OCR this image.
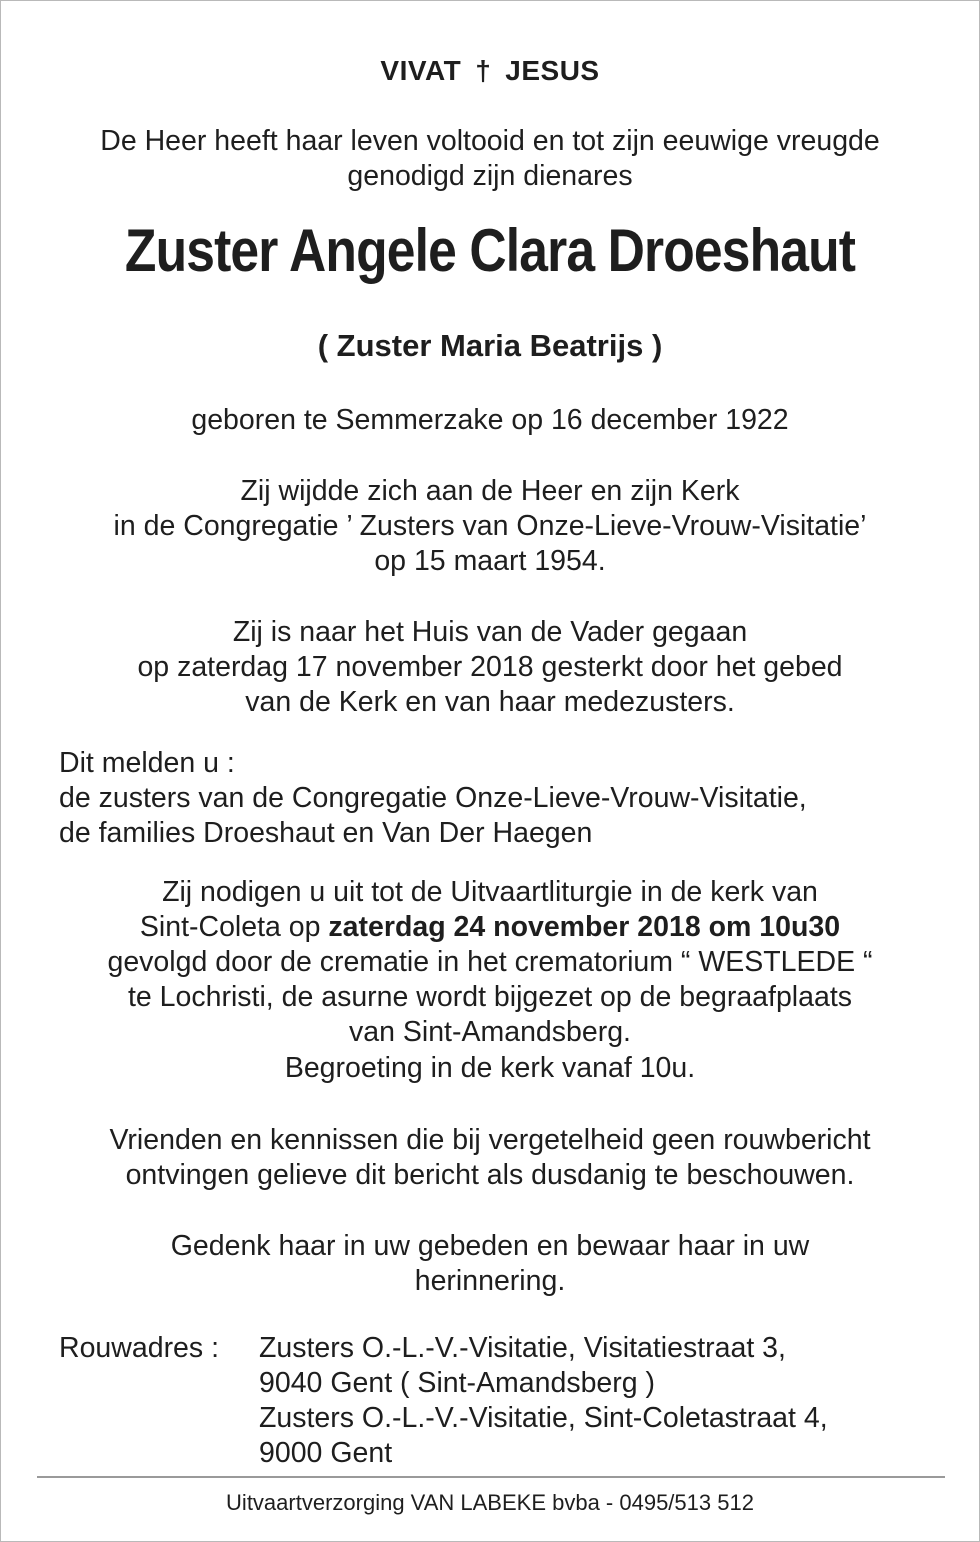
VIVAT † JESUS
De Heer heeft haar leven voltooid en tot zijn eeuwige vreugde
genodigd zijn dienares
Zuster Angele Clara Droeshaut
( Zuster Maria Beatrijs )
geboren te Semmerzake op 16 december 1922
Zij wijdde zich aan de Heer en zijn Kerk
in de Congregatie ’ Zusters van Onze-Lieve-Vrouw-Visitatie’
op 15 maart 1954.
Zij is naar het Huis van de Vader gegaan
op zaterdag 17 november 2018 gesterkt door het gebed
van de Kerk en van haar medezusters.
Dit melden u :
de zusters van de Congregatie Onze-Lieve-Vrouw-Visitatie,
de families Droeshaut en Van Der Haegen
Zij nodigen u uit tot de Uitvaartliturgie in de kerk van
Sint-Coleta op zaterdag 24 november 2018 om 10u30
gevolgd door de crematie in het crematorium “ WESTLEDE “
te Lochristi, de asurne wordt bijgezet op de begraafplaats
van Sint-Amandsberg.
Begroeting in de kerk vanaf 10u.
Vrienden en kennissen die bij vergetelheid geen rouwbericht
ontvingen gelieve dit bericht als dusdanig te beschouwen.
Gedenk haar in uw gebeden en bewaar haar in uw
herinnering.
Rouwadres : Zusters O.-L.-V.-Visitatie, Visitatiestraat 3,
9040 Gent ( Sint-Amandsberg )
Zusters O.-L.-V.-Visitatie, Sint-Coletastraat 4,
9000 Gent
Uitvaartverzorging VAN LABEKE bvba - 0495/513 512
